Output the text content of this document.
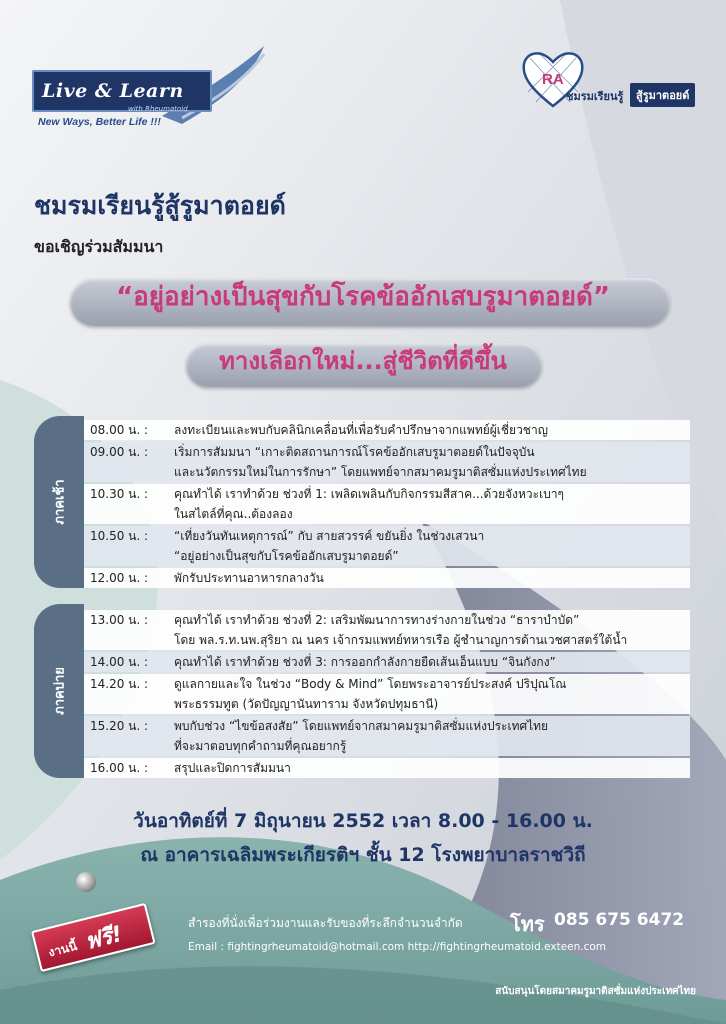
Live & Learn
with Rheumatoid
New Ways, Better Life !!!
RA
ชมรมเรียนรู้	สู้รูมาตอยด์
ชมรมเรียนรู้สู้รูมาตอยด์
ขอเชิญร่วมสัมมนา
“อยู่อย่างเป็นสุขกับโรคข้ออักเสบรูมาตอยด์”
ทางเลือกใหม่...สู่ชีวิตที่ดีขึ้น
ภาคเช้า
ภาคบ่าย
08.00 น. :	ลงทะเบียนและพบกับคลินิกเคลื่อนที่เพื่อรับคำปรึกษาจากแพทย์ผู้เชี่ยวชาญ
09.00 น. :	เริ่มการสัมมนา “เกาะติดสถานการณ์โรคข้ออักเสบรูมาตอยด์ในปัจจุบัน
และนวัตกรรมใหม่ในการรักษา” โดยแพทย์จากสมาคมรูมาติสซั่มแห่งประเทศไทย
10.30 น. :	คุณทำได้ เราทำด้วย ช่วงที่ 1: เพลิดเพลินกับกิจกรรมสีสาค...ด้วยจังหวะเบาๆ
ในสไตล์ที่คุณ..ต้องลอง
10.50 น. :	“เที่ยงวันทันเหตุการณ์” กับ สายสวรรค์ ขยันยิ่ง ในช่วงเสวนา
“อยู่อย่างเป็นสุขกับโรคข้ออักเสบรูมาตอยด์”
12.00 น. :	พักรับประทานอาหารกลางวัน
13.00 น. :	คุณทำได้ เราทำด้วย ช่วงที่ 2: เสริมพัฒนาการทางร่างกายในช่วง “ธาราบำบัด”
โดย พล.ร.ท.นพ.สุริยา ณ นคร เจ้ากรมแพทย์ทหารเรือ ผู้ชำนาญการด้านเวชศาสตร์ใต้น้ำ
14.00 น. :	คุณทำได้ เราทำด้วย ช่วงที่ 3: การออกกำลังกายยืดเส้นเอ็นแบบ “จินกังกง”
14.20 น. :	ดูแลกายและใจ ในช่วง “Body & Mind” โดยพระอาจารย์ประสงค์ ปริปุณโณ
พระธรรมทูต (วัดปัญญานันทาราม จังหวัดปทุมธานี)
15.20 น. :	พบกับช่วง “ไขข้อสงสัย” โดยแพทย์จากสมาคมรูมาติสซั่มแห่งประเทศไทย
ที่จะมาตอบทุกคำถามที่คุณอยากรู้
16.00 น. :	สรุปและปิดการสัมมนา
วันอาทิตย์ที่ 7 มิถุนายน 2552 เวลา 8.00 - 16.00 น.
ณ อาคารเฉลิมพระเกียรติฯ ชั้น 12 โรงพยาบาลราชวิถี
งานนี้ ฟรี!	สำรองที่นั่งเพื่อร่วมงานและรับของที่ระลึกจำนวนจำกัด โทร 085 675 6472
Email : fightingrheumatoid@hotmail.com http://fightingrheumatoid.exteen.com
สนับสนุนโดยสมาคมรูมาติสซั่มแห่งประเทศไทย
